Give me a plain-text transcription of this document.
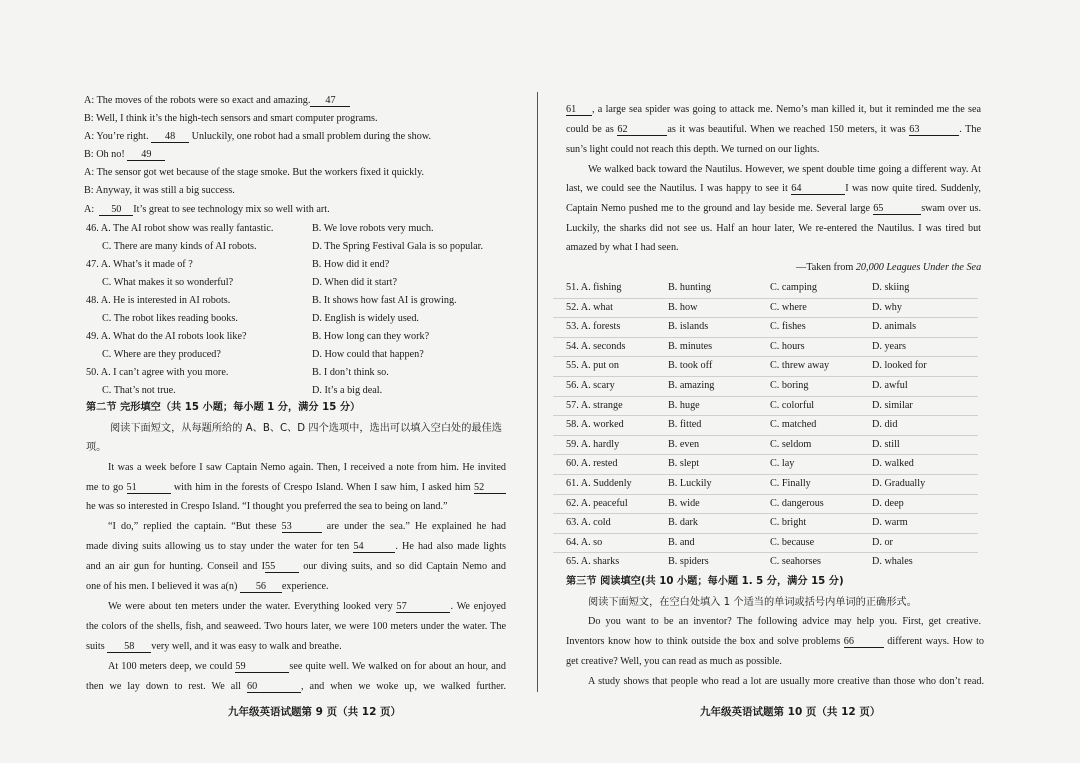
A: The moves of the robots were so exact and amazing. 47
B: Well, I think it’s the high-tech sensors and smart computer programs.
A: You’re right. 48 Unluckily, one robot had a small problem during the show.
B: Oh no! 49
A: The sensor got wet because of the stage smoke. But the workers fixed it quickly.
B: Anyway, it was still a big success.
A: 50 It’s great to see technology mix so well with art.
46. A. The AI robot show was really fantastic.	B. We love robots very much.
C. There are many kinds of AI robots.	D. The Spring Festival Gala is so popular.
47. A. What’s it made of ?	B. How did it end?
C. What makes it so wonderful?	D. When did it start?
48. A. He is interested in AI robots.	B. It shows how fast AI is growing.
C. The robot likes reading books.	D. English is widely used.
49. A. What do the AI robots look like?	B. How long can they work?
C. Where are they produced?	D. How could that happen?
50. A. I can’t agree with you more.	B. I don’t think so.
C. That’s not true.	D. It’s a big deal.
第二节 完形填空（共 15 小题；每小题 1 分，满分 15 分）
阅读下面短文，从每题所给的 A、B、C、D 四个选项中，选出可以填入空白处的最佳选
项。
It was a week before I saw Captain Nemo again. Then, I received a note from him. He invited
me to go 51	with him in the forests of Crespo Island. When I saw him, I asked him 52
he was so interested in Crespo Island. “I thought you preferred the sea to being on land.”
“I do,” replied the captain. “But these 53	are under the sea.” He explained he had
made diving suits allowing us to stay under the water for ten 54	. He had also made lights
and an air gun for hunting. Conseil and I55	our diving suits, and so did Captain Nemo and
one of his men. I believed it was a(n) 56 experience.
We were about ten meters under the water. Everything looked very 57	. We enjoyed
the colors of the shells, fish, and seaweed. Two hours later, we were 100 meters under the water. The
suits 58 very well, and it was easy to walk and breathe.
At 100 meters deep, we could 59	see quite well. We walked on for about an hour, and
then we lay down to rest. We all 60	, and when we woke up, we walked further.
九年级英语试题第 9 页（共 12 页）
61 , a large sea spider was going to attack me. Nemo’s man killed it, but it reminded me the sea
could be as 62	as it was beautiful. When we reached 150 meters, it was 63	. The
sun’s light could not reach this depth. We turned on our lights.
We walked back toward the Nautilus. However, we spent double time going a different way. At
last, we could see the Nautilus. I was happy to see it 64	I was now quite tired. Suddenly,
Captain Nemo pushed me to the ground and lay beside me. Several large 65	swam over us.
Luckily, the sharks did not see us. Half an hour later, We re-entered the Nautilus. I was tired but
amazed by what I had seen.
—Taken from 20,000 Leagues Under the Sea
51. A. fishing	B. hunting	C. camping	D. skiing
52. A. what	B. how	C. where	D. why
53. A. forests	B. islands	C. fishes	D. animals
54. A. seconds	B. minutes	C. hours	D. years
55. A. put on	B. took off	C. threw away	D. looked for
56. A. scary	B. amazing	C. boring	D. awful
57. A. strange	B. huge	C. colorful	D. similar
58. A. worked	B. fitted	C. matched	D. did
59. A. hardly	B. even	C. seldom	D. still
60. A. rested	B. slept	C. lay	D. walked
61. A. Suddenly	B. Luckily	C. Finally	D. Gradually
62. A. peaceful	B. wide	C. dangerous	D. deep
63. A. cold	B. dark	C. bright	D. warm
64. A. so	B. and	C. because	D. or
65. A. sharks	B. spiders	C. seahorses	D. whales
第三节 阅读填空(共 10 小题；每小题 1. 5 分，满分 15 分)
阅读下面短文，在空白处填入 1 个适当的单词或括号内单词的正确形式。
Do you want to be an inventor? The following advice may help you. First, get creative.
Inventors know how to think outside the box and solve problems 66	different ways. How to
get creative? Well, you can read as much as possible.
A study shows that people who read a lot are usually more creative than those who don’t read.
九年级英语试题第 10 页（共 12 页）
